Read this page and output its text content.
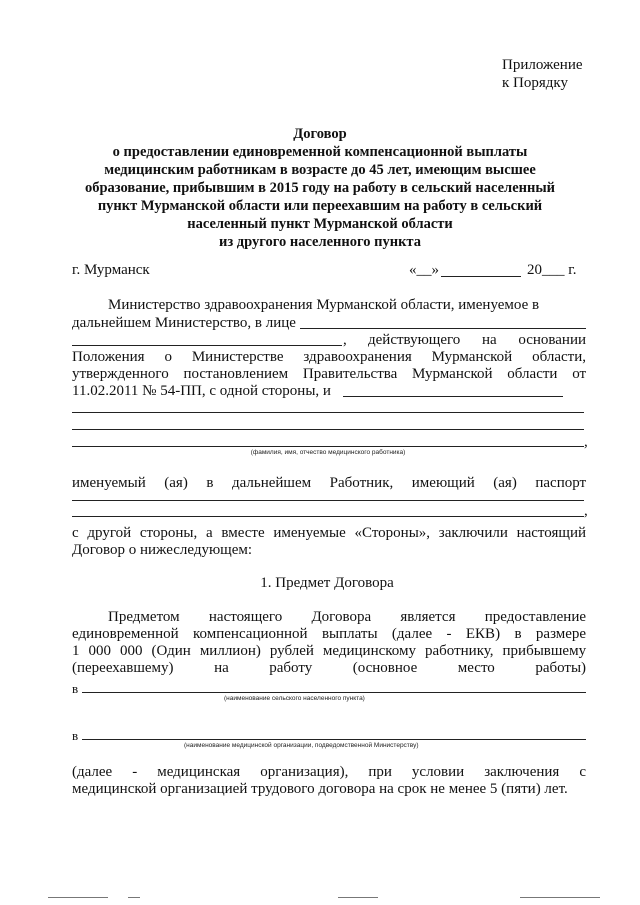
Приложение
к Порядку
Договор
о предоставлении единовременной компенсационной выплаты
медицинским работникам в возрасте до 45 лет, имеющим высшее
образование, прибывшим в 2015 году на работу в сельский населенный
пункт Мурманской области или переехавшим на работу в сельский
населенный пункт Мурманской области
из другого населенного пункта
г. Мурманск	«__»	20___ г.
Министерство здравоохранения Мурманской области, именуемое в
дальнейшем Министерство, в лице
, действующего на основании
Положения о Министерстве здравоохранения Мурманской области,
утвержденного постановлением Правительства Мурманской области от
11.02.2011 № 54-ПП, с одной стороны, и
,
(фамилия, имя, отчество медицинского работника)
именуемый (ая) в дальнейшем Работник, имеющий (ая) паспорт
,
с другой стороны, а вместе именуемые «Стороны», заключили настоящий
Договор о нижеследующем:
1. Предмет Договора
Предметом настоящего Договора является предоставление
единовременной компенсационной выплаты (далее - ЕКВ) в размере
1 000 000 (Один миллион) рублей медицинскому работнику, прибывшему
(переехавшему)	на	работу	(основное	место	работы)
в
(наименование сельского населенного пункта)
в
(наименование медицинской организации, подведомственной Министерству)
(далее - медицинская организация), при условии заключения с
медицинской организацией трудового договора на срок не менее 5 (пяти) лет.
